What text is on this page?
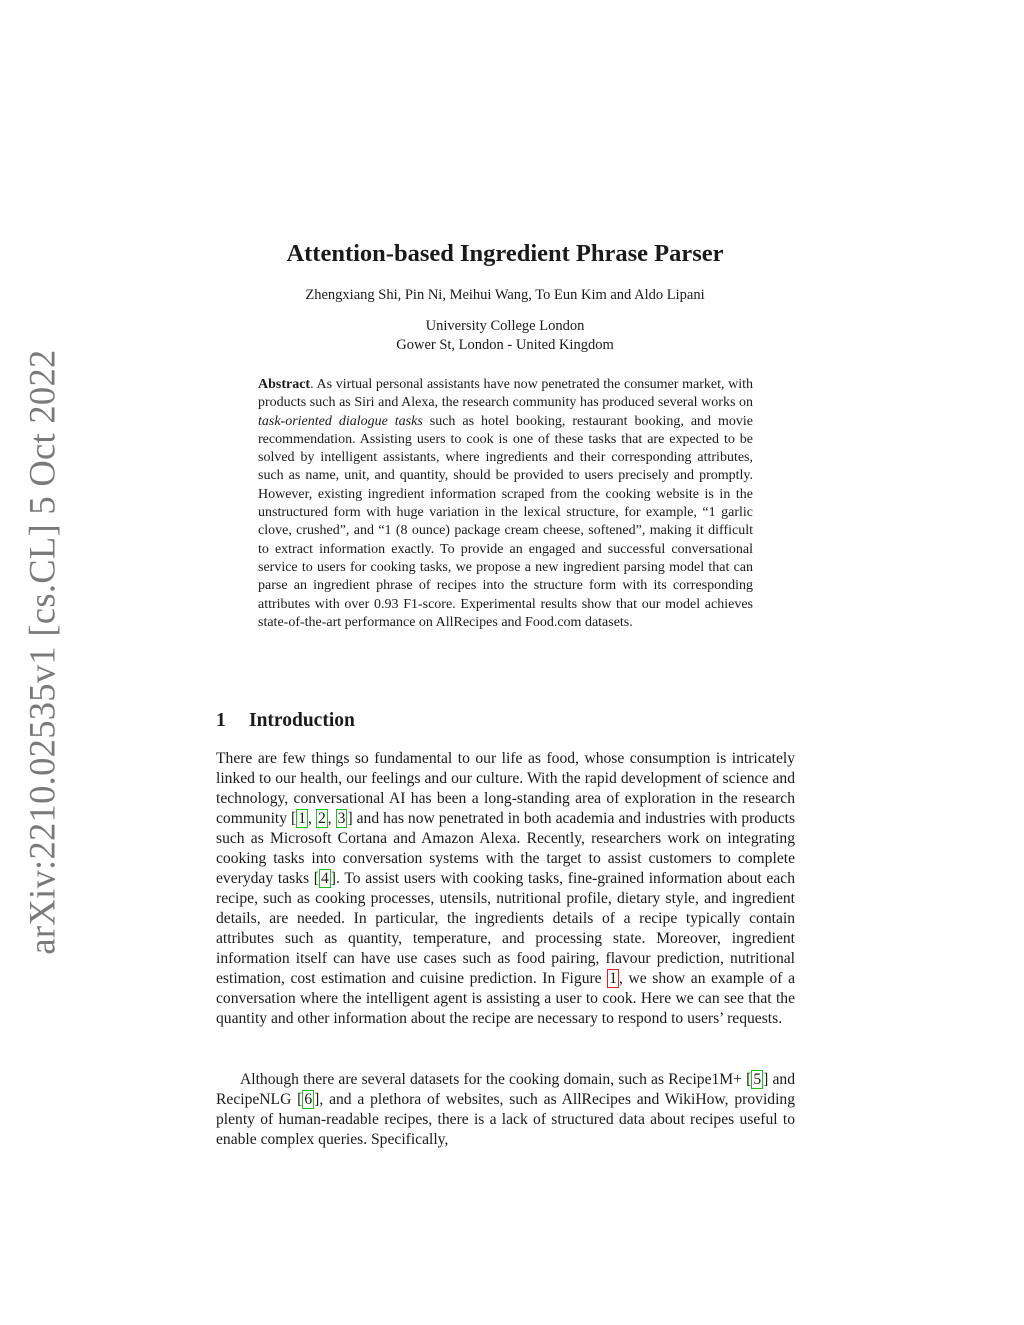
arXiv:2210.02535v1 [cs.CL] 5 Oct 2022
Attention-based Ingredient Phrase Parser
Zhengxiang Shi, Pin Ni, Meihui Wang, To Eun Kim and Aldo Lipani
University College London
Gower St, London - United Kingdom

Abstract. As virtual personal assistants have now penetrated the consumer market, with products such as Siri and Alexa, the research community has produced several works on task-oriented dialogue tasks such as hotel booking, restaurant booking, and movie recommendation. Assisting users to cook is one of these tasks that are expected to be solved by intelligent assistants, where ingredients and their corresponding attributes, such as name, unit, and quantity, should be provided to users precisely and promptly. However, existing ingredient information scraped from the cooking website is in the unstructured form with huge variation in the lexical structure, for example, “1 garlic clove, crushed”, and “1 (8 ounce) package cream cheese, softened”, making it difficult to extract information exactly. To provide an engaged and successful conversational service to users for cooking tasks, we propose a new ingredient parsing model that can parse an ingredient phrase of recipes into the structure form with its corresponding attributes with over 0.93 F1-score. Experimental results show that our model achieves state-of-the-art performance on AllRecipes and Food.com datasets.

1 Introduction

There are few things so fundamental to our life as food, whose consumption is intricately linked to our health, our feelings and our culture. With the rapid development of science and technology, conversational AI has been a long-standing area of exploration in the research community [ 1 , 2 , 3 ] and has now penetrated in both academia and industries with products such as Microsoft Cortana and Amazon Alexa. Recently, researchers work on integrating cooking tasks into conversation systems with the target to assist customers to complete everyday tasks [ 4 ]. To assist users with cooking tasks, fine-grained information about each recipe, such as cooking processes, utensils, nutritional profile, dietary style, and ingredient details, are needed. In particular, the ingredients details of a recipe typically contain attributes such as quantity, temperature, and processing state. Moreover, ingredient information itself can have use cases such as food pairing, flavour prediction, nutritional estimation, cost estimation and cuisine prediction. In Figure 1 , we show an example of a conversation where the intelligent agent is assisting a user to cook. Here we can see that the quantity and other information about the recipe are necessary to respond to users’ requests.

Although there are several datasets for the cooking domain, such as Recipe1M+ [ 5 ] and RecipeNLG [ 6 ], and a plethora of websites, such as AllRecipes and WikiHow, providing plenty of human-readable recipes, there is a lack of structured data about recipes useful to enable complex queries. Specifically,
